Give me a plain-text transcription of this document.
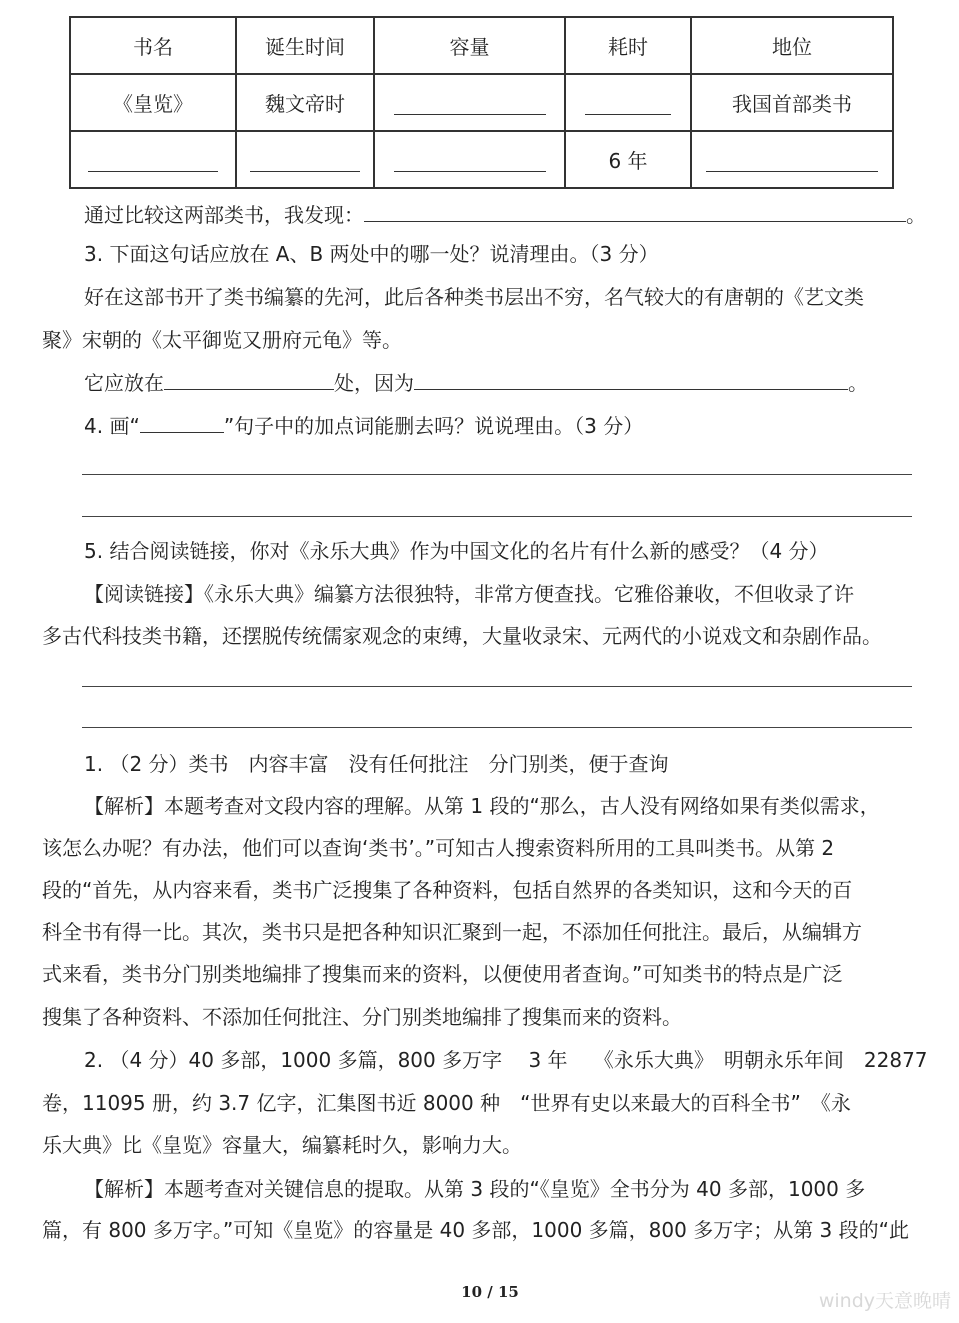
书名	诞生时间	容量	耗时	地位
《皇览》	魏文帝时			我国首部类书
			6 年	
通过比较这两部类书，我发现：	。
3. 下面这句话应放在 A、B 两处中的哪一处？说清理由。（3 分）
好在这部书开了类书编纂的先河，此后各种类书层出不穷，名气较大的有唐朝的《艺文类
聚》宋朝的《太平御览又册府元龟》等。
它应放在	处，因为	。
4. 画“	”句子中的加点词能删去吗？说说理由。（3 分）
5. 结合阅读链接，你对《永乐大典》作为中国文化的名片有什么新的感受？（4 分）
【阅读链接】《永乐大典》编纂方法很独特，非常方便查找。它雅俗兼收，不但收录了许
多古代科技类书籍，还摆脱传统儒家观念的束缚，大量收录宋、元两代的小说戏文和杂剧作品。
1. （2 分）类书　内容丰富　没有任何批注　分门别类，便于查询
【解析】本题考查对文段内容的理解。从第 1 段的“那么，古人没有网络如果有类似需求，
该怎么办呢？有办法，他们可以查询‘类书’。”可知古人搜索资料所用的工具叫类书。从第 2
段的“首先，从内容来看，类书广泛搜集了各种资料，包括自然界的各类知识，这和今天的百
科全书有得一比。其次，类书只是把各种知识汇聚到一起，不添加任何批注。最后，从编辑方
式来看，类书分门别类地编排了搜集而来的资料，以便使用者查询。”可知类书的特点是广泛
搜集了各种资料、不添加任何批注、分门别类地编排了搜集而来的资料。
2. （4 分）40 多部，1000 多篇，800 多万字　 3 年　 《永乐大典》　明朝永乐年间　22877
卷，11095 册，约 3.7 亿字，汇集图书近 8000 种　“世界有史以来最大的百科全书”　《永
乐大典》比《皇览》容量大，编纂耗时久，影响力大。
【解析】本题考查对关键信息的提取。从第 3 段的“《皇览》全书分为 40 多部，1000 多
篇，有 800 多万字。”可知《皇览》的容量是 40 多部，1000 多篇，800 多万字；从第 3 段的“此
10 / 15	windy天意晚晴
